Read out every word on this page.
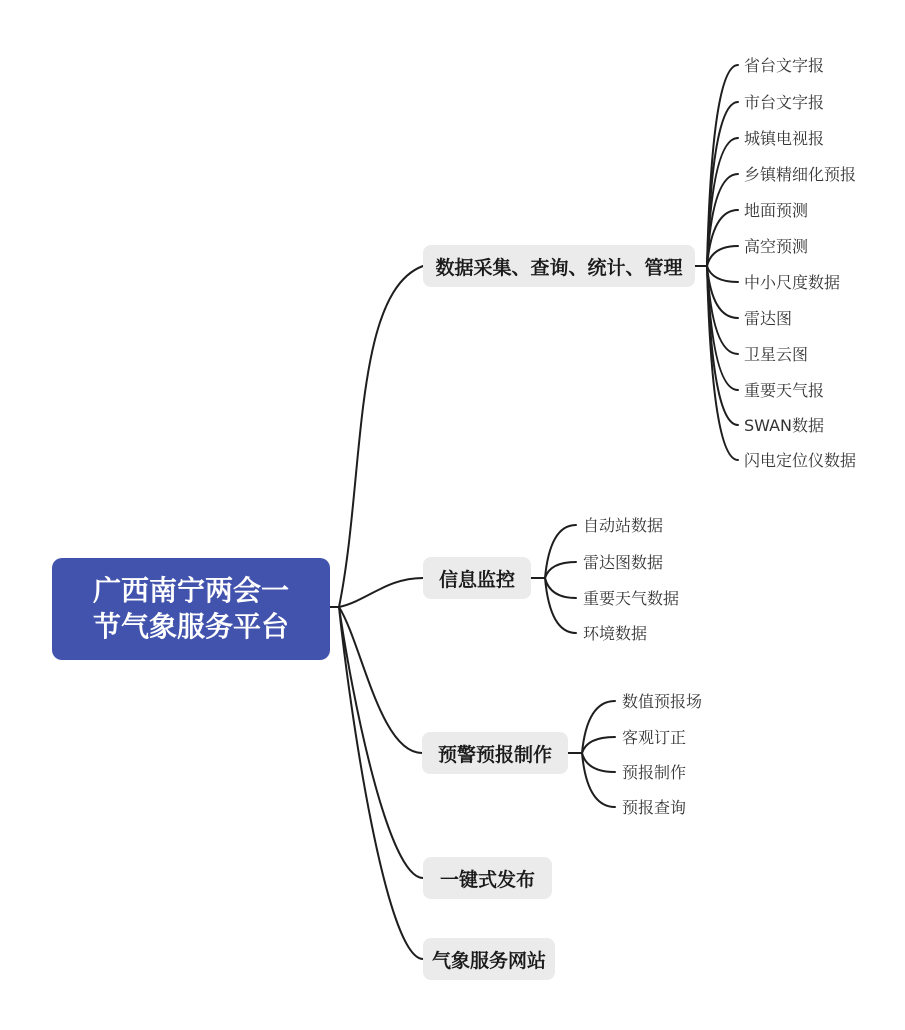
广西南宁两会一
节气象服务平台
数据采集、查询、统计、管理
信息监控
预警预报制作
一键式发布
气象服务网站
省台文字报
市台文字报
城镇电视报
乡镇精细化预报
地面预测
高空预测
中小尺度数据
雷达图
卫星云图
重要天气报
SWAN数据
闪电定位仪数据
自动站数据
雷达图数据
重要天气数据
环境数据
数值预报场
客观订正
预报制作
预报查询
